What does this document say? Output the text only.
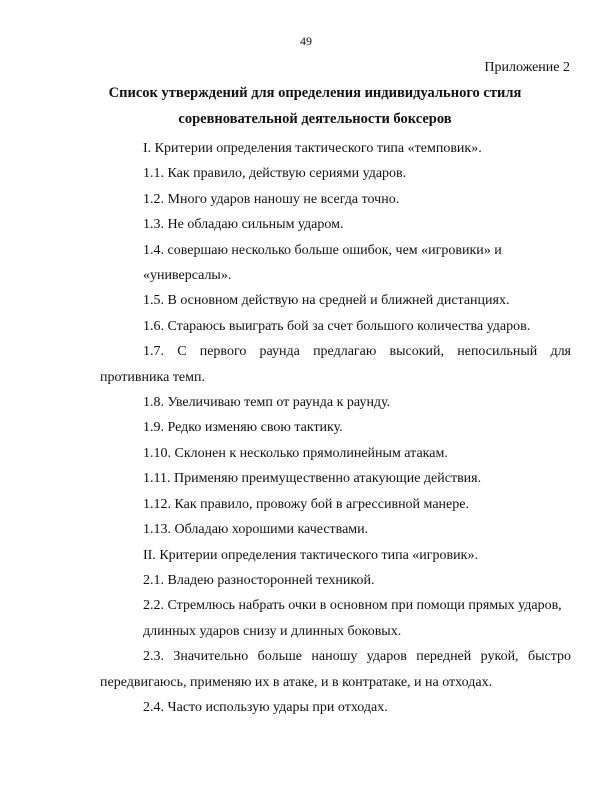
49
Приложение 2
Список утверждений для определения индивидуального стиля
соревновательной деятельности боксеров

I. Критерии определения тактического типа «темповик».

1.1. Как правило, действую сериями ударов.

1.2. Много ударов наношу не всегда точно.

1.3. Не обладаю сильным ударом.

1.4. совершаю несколько больше ошибок, чем «игровики» и «универсалы».

1.5. В основном действую на средней и ближней дистанциях.

1.6. Стараюсь выиграть бой за счет большого количества ударов.

1.7. С первого раунда предлагаю высокий, непосильный для противника темп.

1.8. Увеличиваю темп от раунда к раунду.

1.9. Редко изменяю свою тактику.

1.10. Склонен к несколько прямолинейным атакам.

1.11. Применяю преимущественно атакующие действия.

1.12. Как правило, провожу бой в агрессивной манере.

1.13. Обладаю хорошими качествами.

II. Критерии определения тактического типа «игровик».

2.1. Владею разносторонней техникой.

2.2. Стремлюсь набрать очки в основном при помощи прямых ударов, длинных ударов снизу и длинных боковых.

2.3. Значительно больше наношу ударов передней рукой, быстро передвигаюсь, применяю их в атаке, и в контратаке, и на отходах.

2.4. Часто использую удары при отходах.
